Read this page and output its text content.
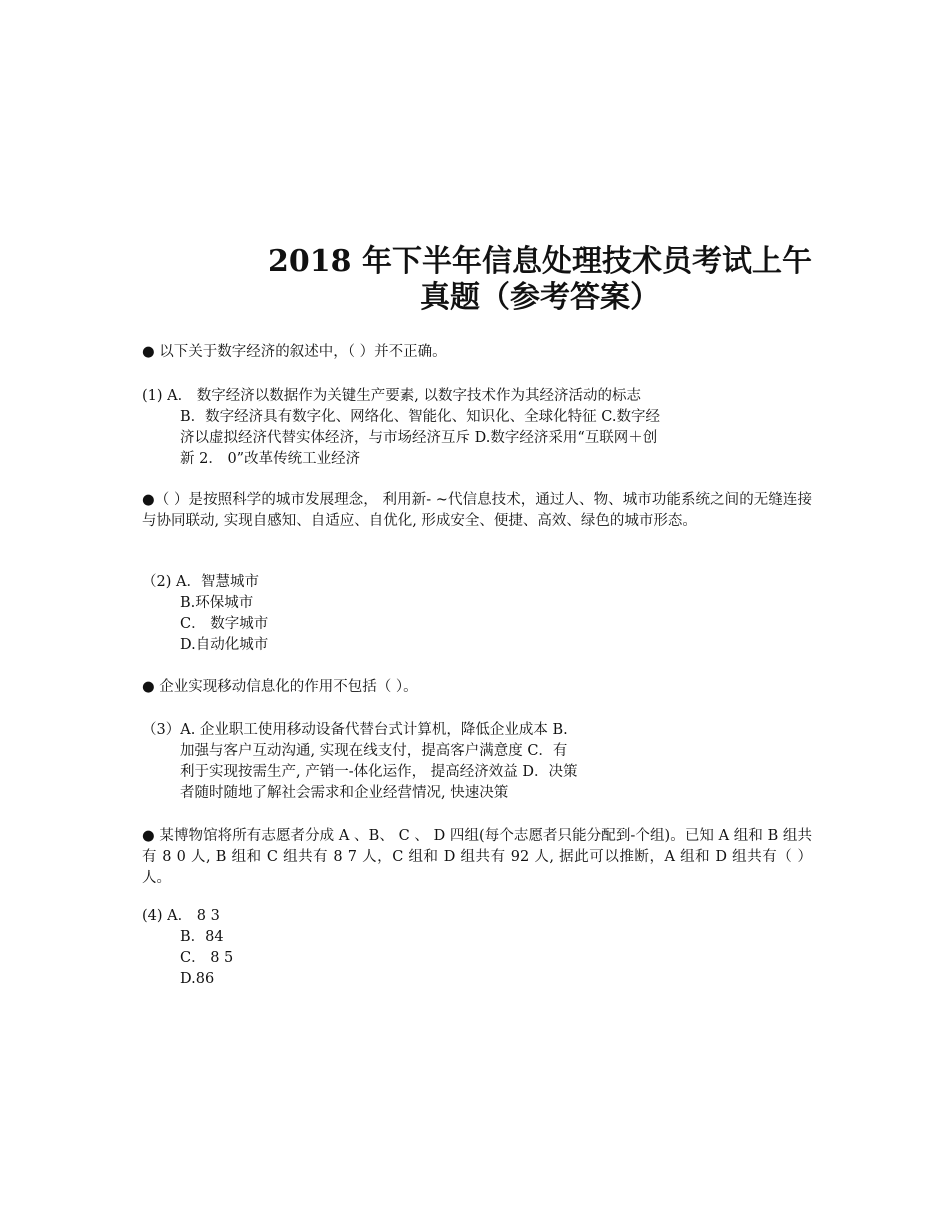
2018 年下半年信息处理技术员考试上午
真题（参考答案）
● 以下关于数字经济的叙述中，（ ）并不正确。
(1) A． 数字经济以数据作为关键生产要素, 以数字技术作为其经济活动的标志
B．数字经济具有数字化、网络化、智能化、知识化、全球化特征 C.数字经
济以虚拟经济代替实体经济，与市场经济互斥 D.数字经济采用“互联网＋创
新 2． 0”改革传统工业经济
●（ ）是按照科学的城市发展理念， 利用新- ~代信息技术，通过人、物、城市功能系统之间的无缝连接与协同联动, 实现自感知、自适应、自优化, 形成安全、便捷、高效、绿色的城市形态。
（2) A．智慧城市
B.环保城市
C． 数字城市
D.自动化城市
● 企业实现移动信息化的作用不包括（ ）。
（3）A. 企业职工使用移动设备代替台式计算机，降低企业成本 B.
加强与客户互动沟通, 实现在线支付，提高客户满意度 C．有
利于实现按需生产, 产销一-体化运作， 提高经济效益 D．决策
者随时随地了解社会需求和企业经营情况, 快速决策
● 某博物馆将所有志愿者分成 A 、B、 C 、 D 四组(每个志愿者只能分配到-个组)。已知 A 组和 B 组共有 8 0 人, B 组和 C 组共有 8 7 人，C 组和 D 组共有 92 人, 据此可以推断，A 组和 D 组共有（ ）人。
(4) A． 8 3
B．84
C． 8 5
D.86
